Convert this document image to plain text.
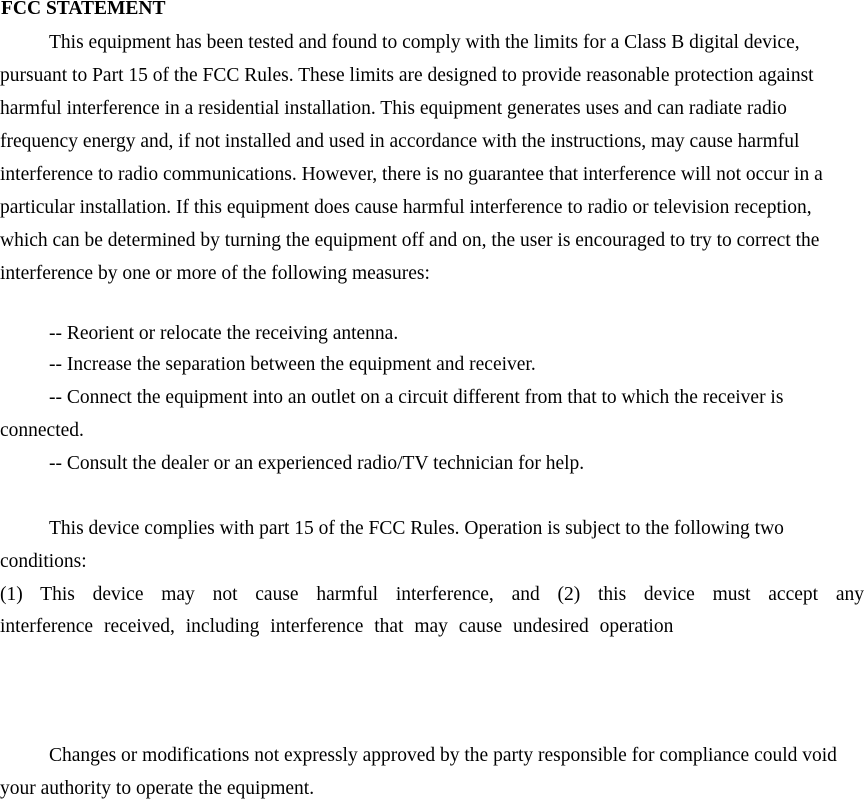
FCC STATEMENT

This equipment has been tested and found to comply with the limits for a Class B digital device, pursuant to Part 15 of the FCC Rules. These limits are designed to provide reasonable protection against harmful interference in a residential installation. This equipment generates uses and can radiate radio frequency energy and, if not installed and used in accordance with the instructions, may cause harmful interference to radio communications. However, there is no guarantee that interference will not occur in a particular installation. If this equipment does cause harmful interference to radio or television reception, which can be determined by turning the equipment off and on, the user is encouraged to try to correct the interference by one or more of the following measures:

-- Reorient or relocate the receiving antenna.

-- Increase the separation between the equipment and receiver.

-- Connect the equipment into an outlet on a circuit different from that to which the receiver is connected.

-- Consult the dealer or an experienced radio/TV technician for help.

This device complies with part 15 of the FCC Rules. Operation is subject to the following two conditions:

(1) This device may not cause harmful interference, and (2) this device must accept any

interference received, including interference that may cause undesired operation

Changes or modifications not expressly approved by the party responsible for compliance could void your authority to operate the equipment.
